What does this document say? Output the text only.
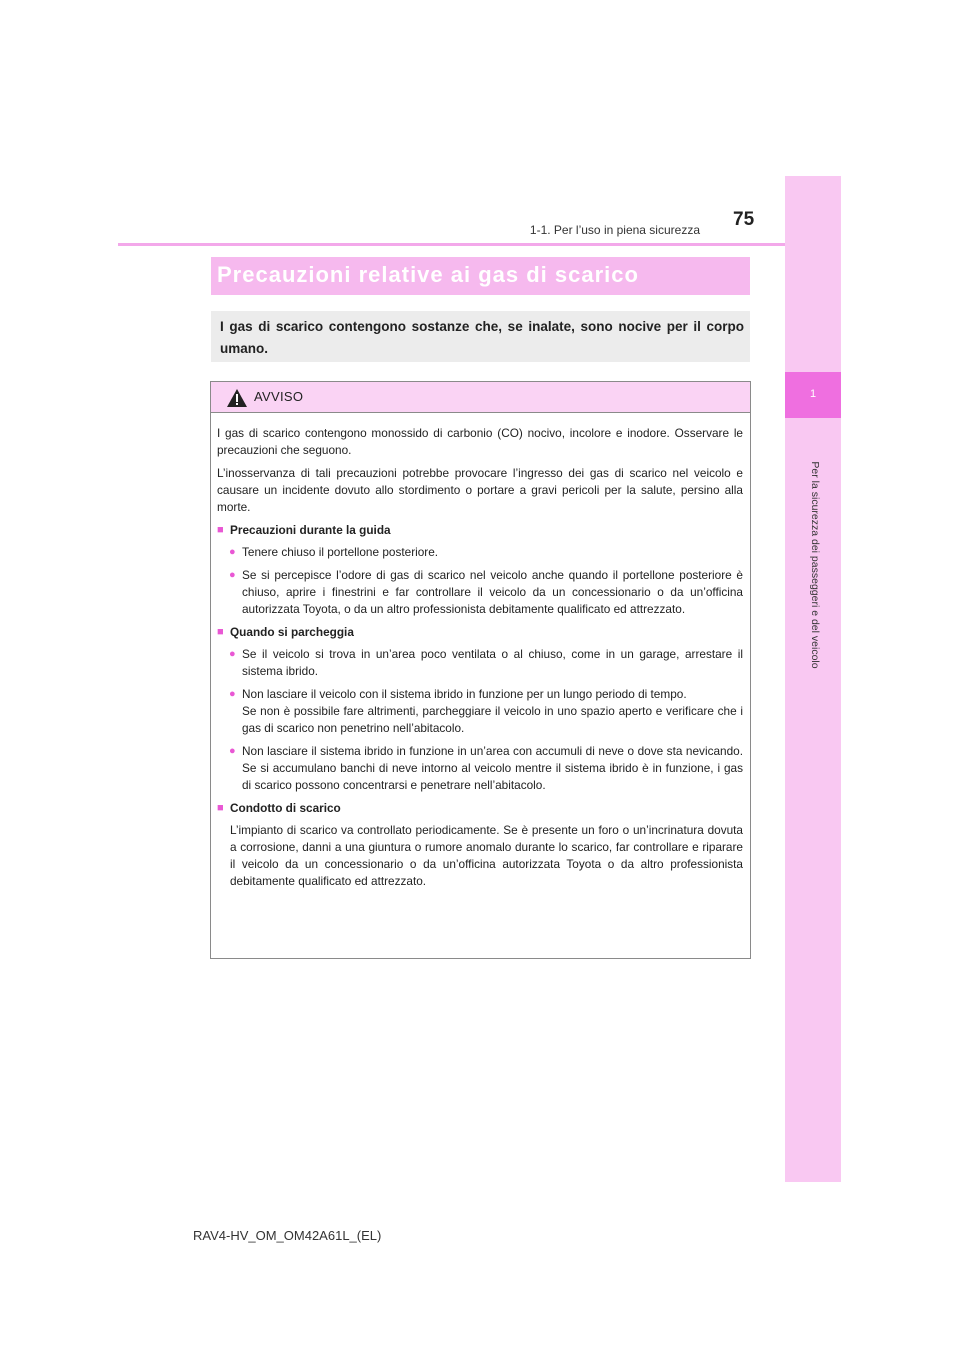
1
Per la sicurezza dei passeggeri e del veicolo
1-1. Per l’uso in piena sicurezza 75
Precauzioni relative ai gas di scarico
I gas di scarico contengono sostanze che, se inalate, sono nocive per il corpo umano.
AVVISO

I gas di scarico contengono monossido di carbonio (CO) nocivo, incolore e inodore. Osservare le precauzioni che seguono.

L’inosservanza di tali precauzioni potrebbe provocare l’ingresso dei gas di scarico nel veicolo e causare un incidente dovuto allo stordimento o portare a gravi pericoli per la salute, persino alla morte.

■ Precauzioni durante la guida
● Tenere chiuso il portellone posteriore.
● Se si percepisce l’odore di gas di scarico nel veicolo anche quando il portellone posteriore è chiuso, aprire i finestrini e far controllare il veicolo da un concessionario o da un’officina autorizzata Toyota, o da un altro professionista debitamente qualificato ed attrezzato.
■ Quando si parcheggia
● Se il veicolo si trova in un’area poco ventilata o al chiuso, come in un garage, arrestare il sistema ibrido.
● Non lasciare il veicolo con il sistema ibrido in funzione per un lungo periodo di tempo.
Se non è possibile fare altrimenti, parcheggiare il veicolo in uno spazio aperto e verificare che i gas di scarico non penetrino nell’abitacolo.
● Non lasciare il sistema ibrido in funzione in un’area con accumuli di neve o dove sta nevicando. Se si accumulano banchi di neve intorno al veicolo mentre il sistema ibrido è in funzione, i gas di scarico possono concentrarsi e penetrare nell’abitacolo.
■ Condotto di scarico

L’impianto di scarico va controllato periodicamente. Se è presente un foro o un’incrinatura dovuta a corrosione, danni a una giuntura o rumore anomalo durante lo scarico, far controllare e riparare il veicolo da un concessionario o da un’officina autorizzata Toyota o da altro professionista debitamente qualificato ed attrezzato.

RAV4-HV_OM_OM42A61L_(EL)
